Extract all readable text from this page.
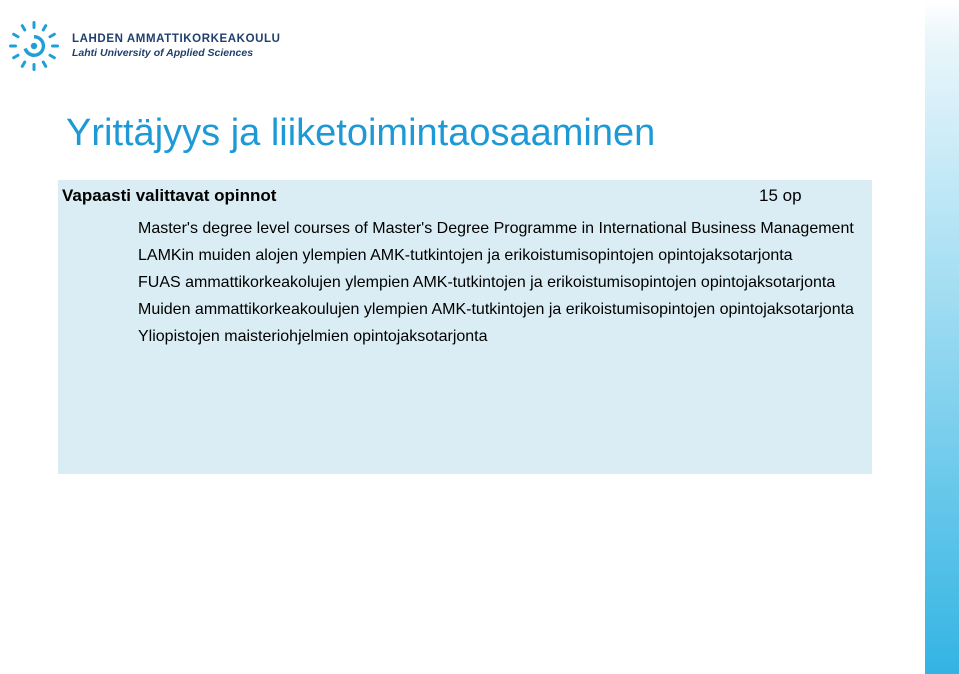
LAHDEN AMMATTIKORKEAKOULU
Lahti University of Applied Sciences
Yrittäjyys ja liiketoimintaosaaminen
Vapaasti valittavat opinnot	15 op
Master's degree level courses of Master's Degree Programme in International Business Management
LAMKin muiden alojen ylempien AMK-tutkintojen ja erikoistumisopintojen opintojaksotarjonta
FUAS ammattikorkeakolujen ylempien AMK-tutkintojen ja erikoistumisopintojen opintojaksotarjonta
Muiden ammattikorkeakoulujen ylempien AMK-tutkintojen ja erikoistumisopintojen opintojaksotarjonta
Yliopistojen maisteriohjelmien opintojaksotarjonta
